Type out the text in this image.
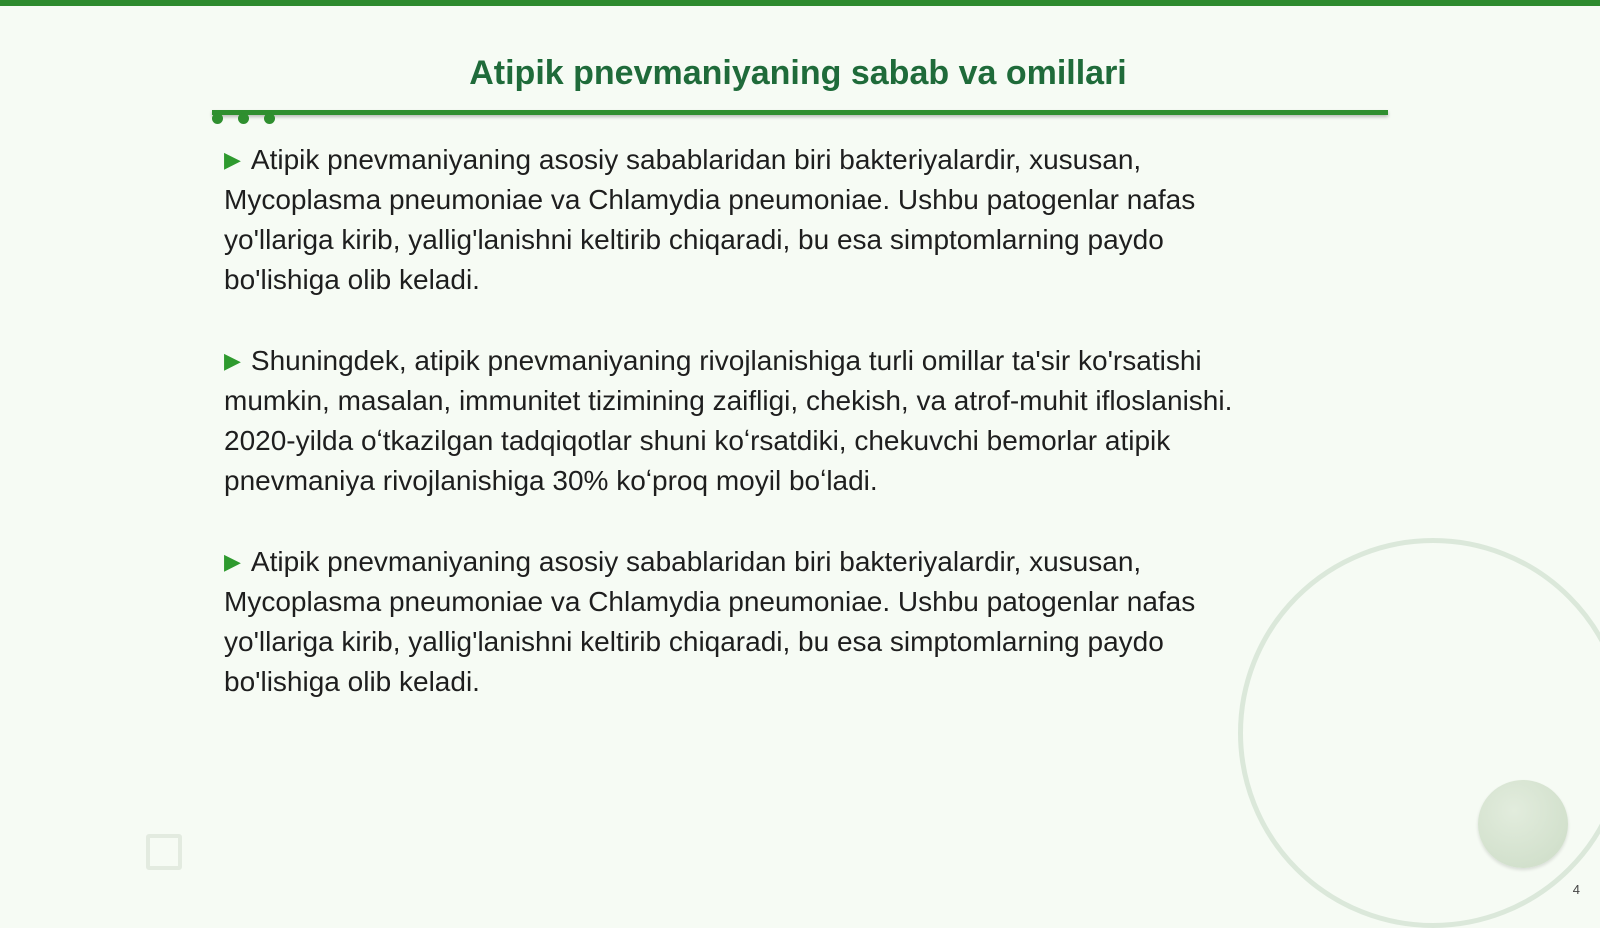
Atipik pnevmaniyaning sabab va omillari
▶ Atipik pnevmaniyaning asosiy sabablaridan biri bakteriyalardir, xususan,
Mycoplasma pneumoniae va Chlamydia pneumoniae. Ushbu patogenlar nafas
yo'llariga kirib, yallig'lanishni keltirib chiqaradi, bu esa simptomlarning paydo
bo'lishiga olib keladi.
▶ Shuningdek, atipik pnevmaniyaning rivojlanishiga turli omillar ta'sir ko'rsatishi
mumkin, masalan, immunitet tizimining zaifligi, chekish, va atrof-muhit ifloslanishi.
2020-yilda oʻtkazilgan tadqiqotlar shuni koʻrsatdiki, chekuvchi bemorlar atipik
pnevmaniya rivojlanishiga 30% koʻproq moyil boʻladi.
▶ Atipik pnevmaniyaning asosiy sabablaridan biri bakteriyalardir, xususan,
Mycoplasma pneumoniae va Chlamydia pneumoniae. Ushbu patogenlar nafas
yo'llariga kirib, yallig'lanishni keltirib chiqaradi, bu esa simptomlarning paydo
bo'lishiga olib keladi.
4
